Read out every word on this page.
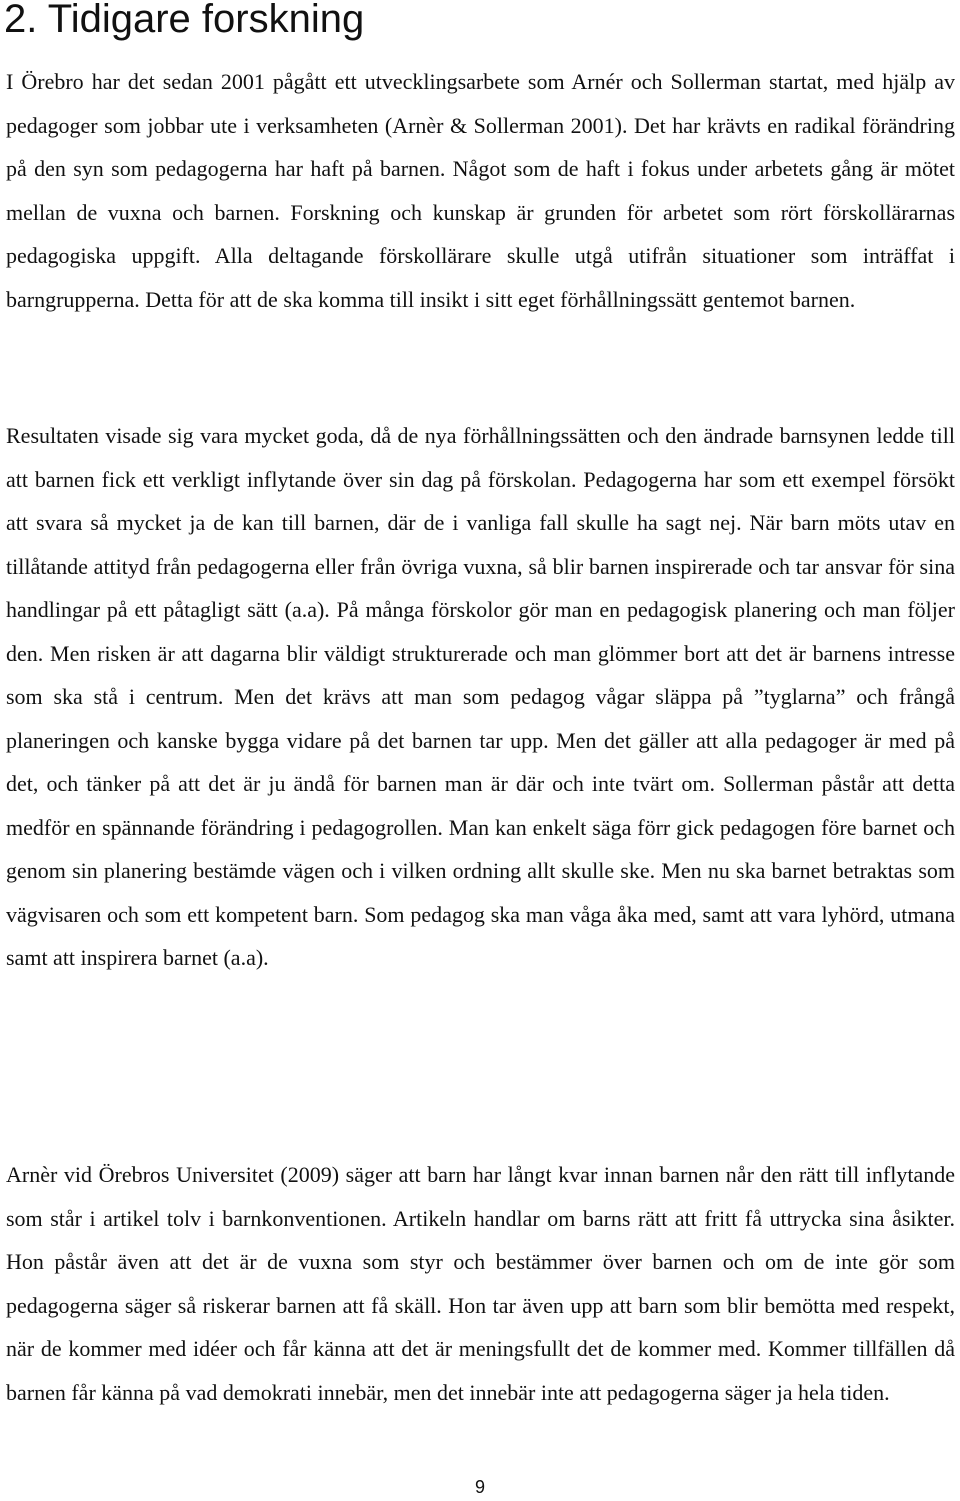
2. Tidigare forskning

I Örebro har det sedan 2001 pågått ett utvecklingsarbete som Arnér och Sollerman startat, med hjälp av pedagoger som jobbar ute i verksamheten (Arnèr & Sollerman 2001). Det har krävts en radikal förändring på den syn som pedagogerna har haft på barnen. Något som de haft i fokus under arbetets gång är mötet mellan de vuxna och barnen. Forskning och kunskap är grunden för arbetet som rört förskollärarnas pedagogiska uppgift. Alla deltagande förskollärare skulle utgå utifrån situationer som inträffat i barngrupperna. Detta för att de ska komma till insikt i sitt eget förhållningssätt gentemot barnen.

Resultaten visade sig vara mycket goda, då de nya förhållningssätten och den ändrade barnsynen ledde till att barnen fick ett verkligt inflytande över sin dag på förskolan. Pedagogerna har som ett exempel försökt att svara så mycket ja de kan till barnen, där de i vanliga fall skulle ha sagt nej. När barn möts utav en tillåtande attityd från pedagogerna eller från övriga vuxna, så blir barnen inspirerade och tar ansvar för sina handlingar på ett påtagligt sätt (a.a). På många förskolor gör man en pedagogisk planering och man följer den. Men risken är att dagarna blir väldigt strukturerade och man glömmer bort att det är barnens intresse som ska stå i centrum. Men det krävs att man som pedagog vågar släppa på ”tyglarna” och frångå planeringen och kanske bygga vidare på det barnen tar upp. Men det gäller att alla pedagoger är med på det, och tänker på att det är ju ändå för barnen man är där och inte tvärt om. Sollerman påstår att detta medför en spännande förändring i pedagogrollen. Man kan enkelt säga förr gick pedagogen före barnet och genom sin planering bestämde vägen och i vilken ordning allt skulle ske. Men nu ska barnet betraktas som vägvisaren och som ett kompetent barn. Som pedagog ska man våga åka med, samt att vara lyhörd, utmana samt att inspirera barnet (a.a).

Arnèr vid Örebros Universitet (2009) säger att barn har långt kvar innan barnen når den rätt till inflytande som står i artikel tolv i barnkonventionen. Artikeln handlar om barns rätt att fritt få uttrycka sina åsikter. Hon påstår även att det är de vuxna som styr och bestämmer över barnen och om de inte gör som pedagogerna säger så riskerar barnen att få skäll. Hon tar även upp att barn som blir bemötta med respekt, när de kommer med idéer och får känna att det är meningsfullt det de kommer med. Kommer tillfällen då barnen får känna på vad demokrati innebär, men det innebär inte att pedagogerna säger ja hela tiden.

9
